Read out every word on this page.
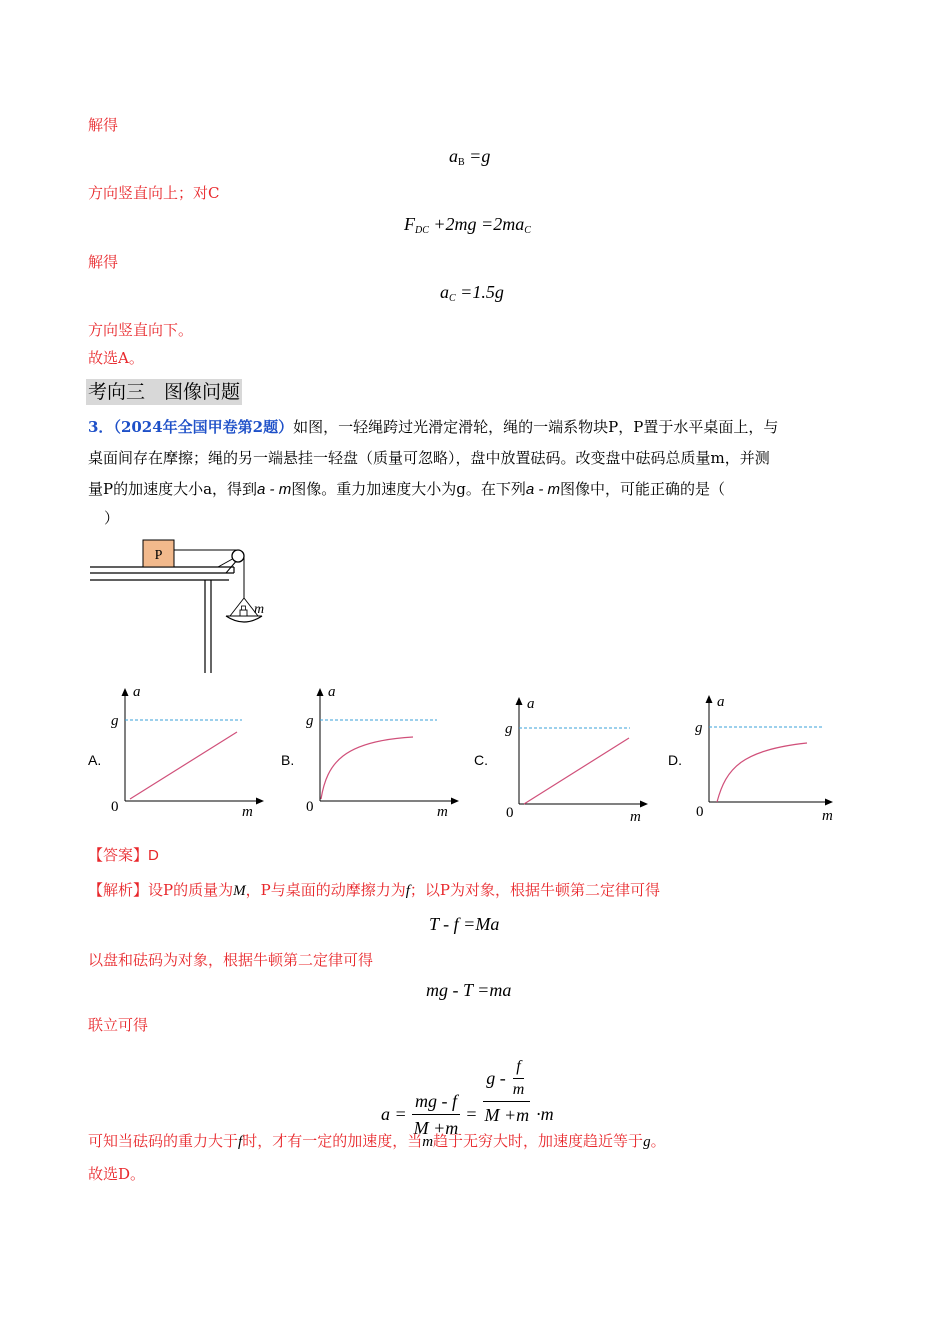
解得
$a_B =g$
方向竖直向上；对C
$F_{DC} +2mg =2ma_C$
解得
$a_C =1.5g$
方向竖直向下。
故选A。
考向三　图像问题
3．（2024年全国甲卷第2题）如图，一轻绳跨过光滑定滑轮，绳的一端系物块P，P置于水平桌面上，与
桌面间存在摩擦；绳的另一端悬挂一轻盘（质量可忽略），盘中放置砝码。改变盘中砝码总质量m，并测
量P的加速度大小a，得到a - m图像。重力加速度大小为g。在下列a - m图像中，可能正确的是（
）
P
m
A.
a
g
0	m
B.
a
g
0	m
C.
a
g
0	m
D.
a
g
0	m
【答案】D
【解析】设P的质量为M，P与桌面的动摩擦力为f；以P为对象，根据牛顿第二定律可得
T - f =Ma
以盘和砝码为对象，根据牛顿第二定律可得
mg - T =ma
联立可得
$a = \frac{mg - f}{M +m} = \frac{g - \frac{f}{m}}{M +m} \cdot m$
可知当砝码的重力大于f时，才有一定的加速度，当m趋于无穷大时，加速度趋近等于g。
故选D。
